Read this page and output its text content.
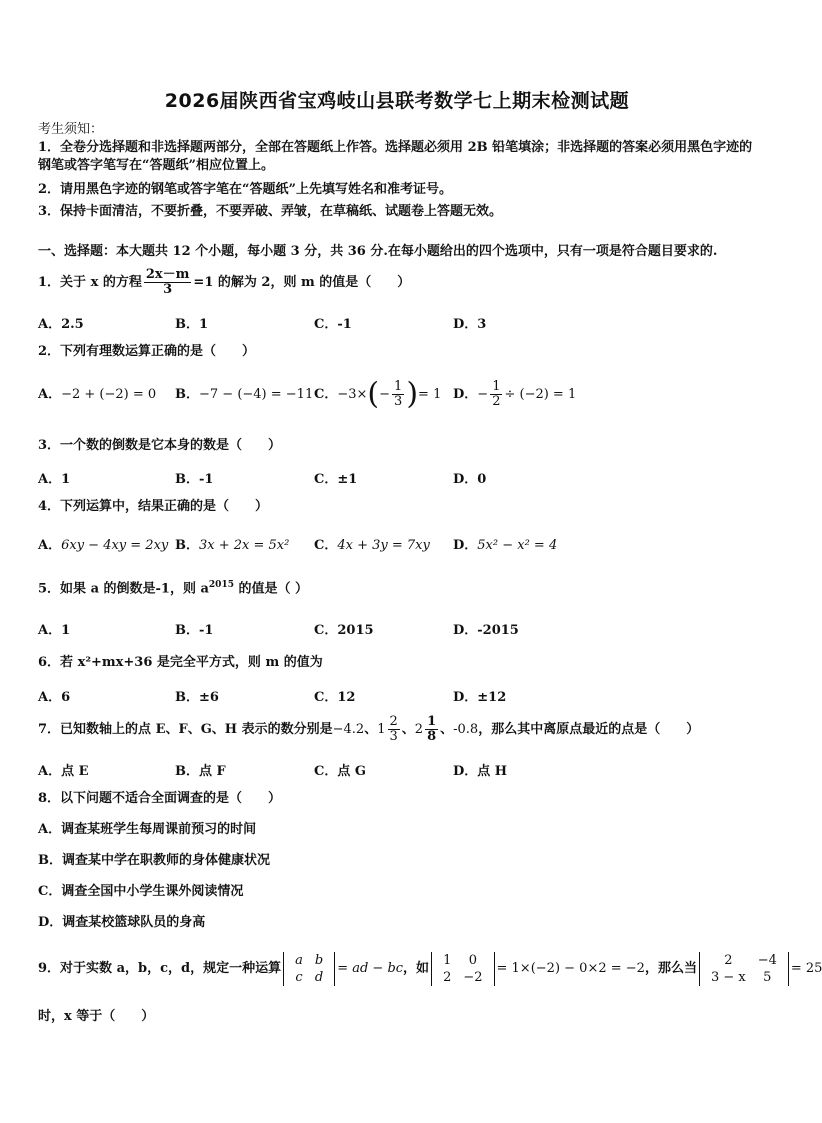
2026届陕西省宝鸡岐山县联考数学七上期末检测试题
考生须知：
1．全卷分选择题和非选择题两部分，全部在答题纸上作答。选择题必须用 2B 铅笔填涂；非选择题的答案必须用黑色字迹的钢笔或答字笔写在“答题纸”相应位置上。
2．请用黑色字迹的钢笔或答字笔在“答题纸”上先填写姓名和准考证号。
3．保持卡面清洁，不要折叠，不要弄破、弄皱，在草稿纸、试题卷上答题无效。
一、选择题：本大题共 12 个小题，每小题 3 分，共 36 分.在每小题给出的四个选项中，只有一项是符合题目要求的.
1．关于 x 的方程 $\frac{2x-m}{3} =1$ 的解为 2，则 m 的值是（　　）
A．2.5	B．1	C．-1	D．3
2．下列有理数运算正确的是（　　）
A．−2 + (−2) = 0 B．−7 − (−4) = −11 C．$-3\times(- \frac{1}{3}$ )= 1 D．− $\frac{1}{2} \div (-2) = 1$
3．一个数的倒数是它本身的数是（　　）
A．1	B．-1	C．±1	D．0
4．下列运算中，结果正确的是（　　）
A．6xy − 4xy = 2xy B．3x + 2x = 5x² C．4x + 3y = 7xy D．5x² − x² = 4
5．如果 a 的倒数是-1，则 $a^{2015}$ 的值是（ ）
A．1	B．-1	C．2015	D．-2015
6．若 x²+mx+36 是完全平方式，则 m 的值为
A．6	B．±6	C．12	D．±12
7．已知数轴上的点 E、F、G、H 表示的数分别是−4.2、$1 \frac{2}{3}$ 、$2 \frac{1}{8}$ 、-0.8，那么其中离原点最近的点是（　　）
A．点 E	B．点 F	C．点 G	D．点 H
8．以下问题不适合全面调查的是（　　）
A．调查某班学生每周课前预习的时间
B．调查某中学在职教师的身体健康状况
C．调查全国中小学生课外阅读情况
D．调查某校篮球队员的身高
9．对于实数 a，b，c，d，规定一种运算
a	b
c	d
= ad − bc，如
1	0
2	−2
= 1×(−2) − 0×2 = −2，那么当
2	−4
3 − x	5
= 25
时，x 等于（　　）
